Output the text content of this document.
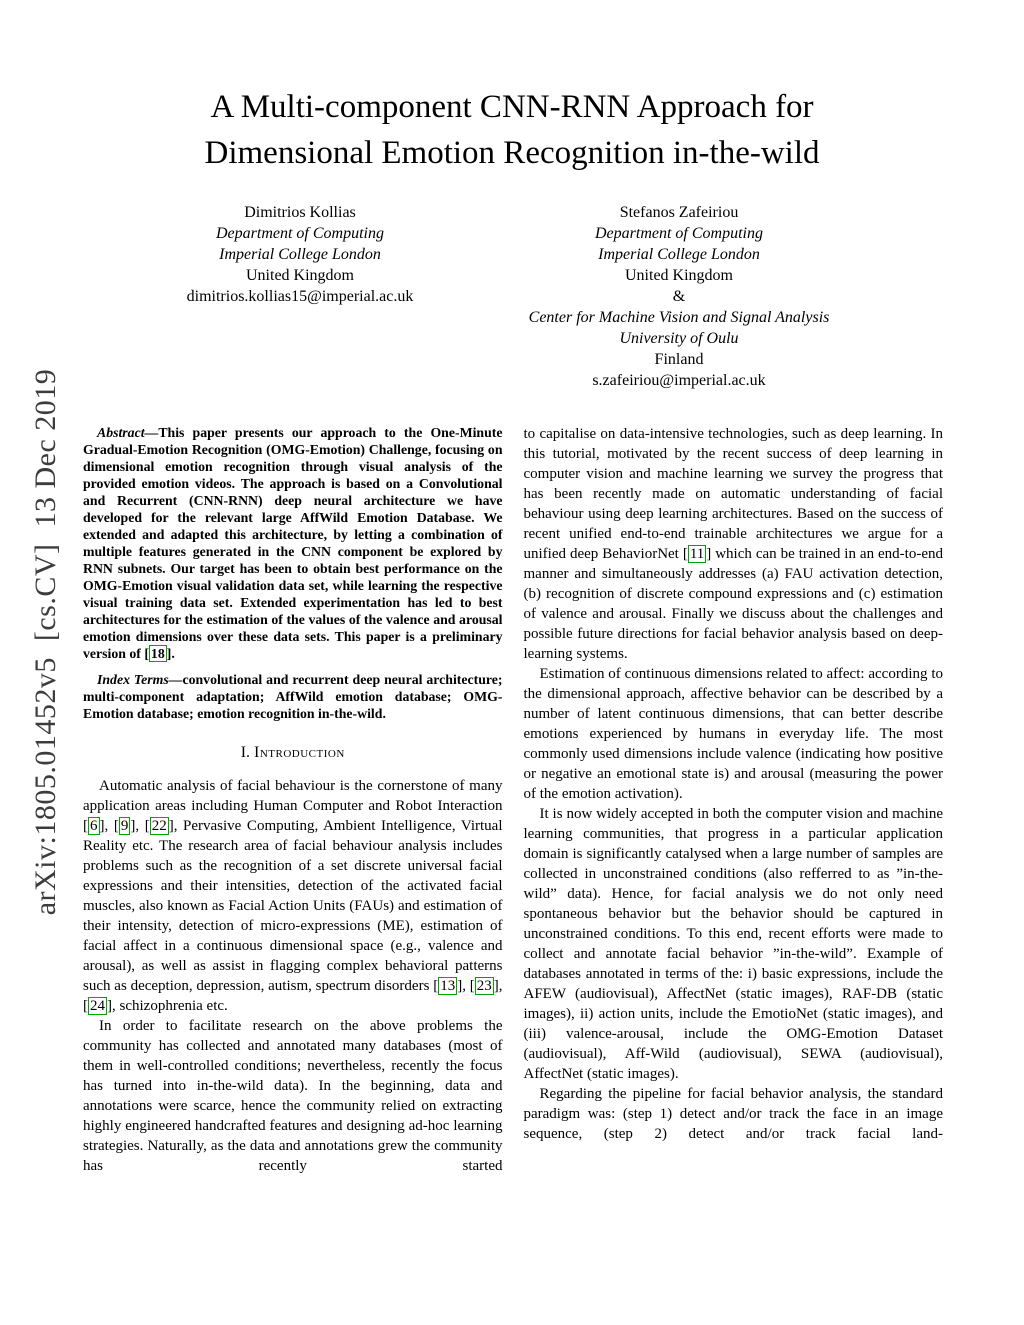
arXiv:1805.01452v5  [cs.CV]  13 Dec 2019
A Multi-component CNN-RNN Approach for
Dimensional Emotion Recognition in-the-wild
Dimitrios Kollias
Department of Computing
Imperial College London
United Kingdom
dimitrios.kollias15@imperial.ac.uk
Stefanos Zafeiriou
Department of Computing
Imperial College London
United Kingdom
&
Center for Machine Vision and Signal Analysis
University of Oulu
Finland
s.zafeiriou@imperial.ac.uk

Abstract—This paper presents our approach to the One-Minute Gradual-Emotion Recognition (OMG-Emotion) Challenge, focusing on dimensional emotion recognition through visual analysis of the provided emotion videos. The approach is based on a Convolutional and Recurrent (CNN-RNN) deep neural architecture we have developed for the relevant large AffWild Emotion Database. We extended and adapted this architecture, by letting a combination of multiple features generated in the CNN component be explored by RNN subnets. Our target has been to obtain best performance on the OMG-Emotion visual validation data set, while learning the respective visual training data set. Extended experimentation has led to best architectures for the estimation of the values of the valence and arousal emotion dimensions over these data sets. This paper is a preliminary version of [ 18 ].

Index Terms—convolutional and recurrent deep neural architecture; multi-component adaptation; AffWild emotion database; OMG-Emotion database; emotion recognition in-the-wild.

I. Introduction

Automatic analysis of facial behaviour is the cornerstone of many application areas including Human Computer and Robot Interaction [ 6 ], [ 9 ], [ 22 ], Pervasive Computing, Ambient Intelligence, Virtual Reality etc. The research area of facial behaviour analysis includes problems such as the recognition of a set discrete universal facial expressions and their intensities, detection of the activated facial muscles, also known as Facial Action Units (FAUs) and estimation of their intensity, detection of micro-expressions (ME), estimation of facial affect in a continuous dimensional space (e.g., valence and arousal), as well as assist in flagging complex behavioral patterns such as deception, depression, autism, spectrum disorders [ 13 ], [ 23 ], [ 24 ], schizophrenia etc.

In order to facilitate research on the above problems the community has collected and annotated many databases (most of them in well-controlled conditions; nevertheless, recently the focus has turned into in-the-wild data). In the beginning, data and annotations were scarce, hence the community relied on extracting highly engineered handcrafted features and designing ad-hoc learning strategies. Naturally, as the data and annotations grew the community has recently started

to capitalise on data-intensive technologies, such as deep learning. In this tutorial, motivated by the recent success of deep learning in computer vision and machine learning we survey the progress that has been recently made on automatic understanding of facial behaviour using deep learning architectures. Based on the success of recent unified end-to-end trainable architectures we argue for a unified deep BehaviorNet [ 11 ] which can be trained in an end-to-end manner and simultaneously addresses (a) FAU activation detection, (b) recognition of discrete compound expressions and (c) estimation of valence and arousal. Finally we discuss about the challenges and possible future directions for facial behavior analysis based on deep-learning systems.

Estimation of continuous dimensions related to affect: according to the dimensional approach, affective behavior can be described by a number of latent continuous dimensions, that can better describe emotions experienced by humans in everyday life. The most commonly used dimensions include valence (indicating how positive or negative an emotional state is) and arousal (measuring the power of the emotion activation).

It is now widely accepted in both the computer vision and machine learning communities, that progress in a particular application domain is significantly catalysed when a large number of samples are collected in unconstrained conditions (also refferred to as ”in-the-wild” data). Hence, for facial analysis we do not only need spontaneous behavior but the behavior should be captured in unconstrained conditions. To this end, recent efforts were made to collect and annotate facial behavior ”in-the-wild”. Example of databases annotated in terms of the: i) basic expressions, include the AFEW (audiovisual), AffectNet (static images), RAF-DB (static images), ii) action units, include the EmotioNet (static images), and (iii) valence-arousal, include the OMG-Emotion Dataset (audiovisual), Aff-Wild (audiovisual), SEWA (audiovisual), AffectNet (static images).

Regarding the pipeline for facial behavior analysis, the standard paradigm was: (step 1) detect and/or track the face in an image sequence, (step 2) detect and/or track facial land-
